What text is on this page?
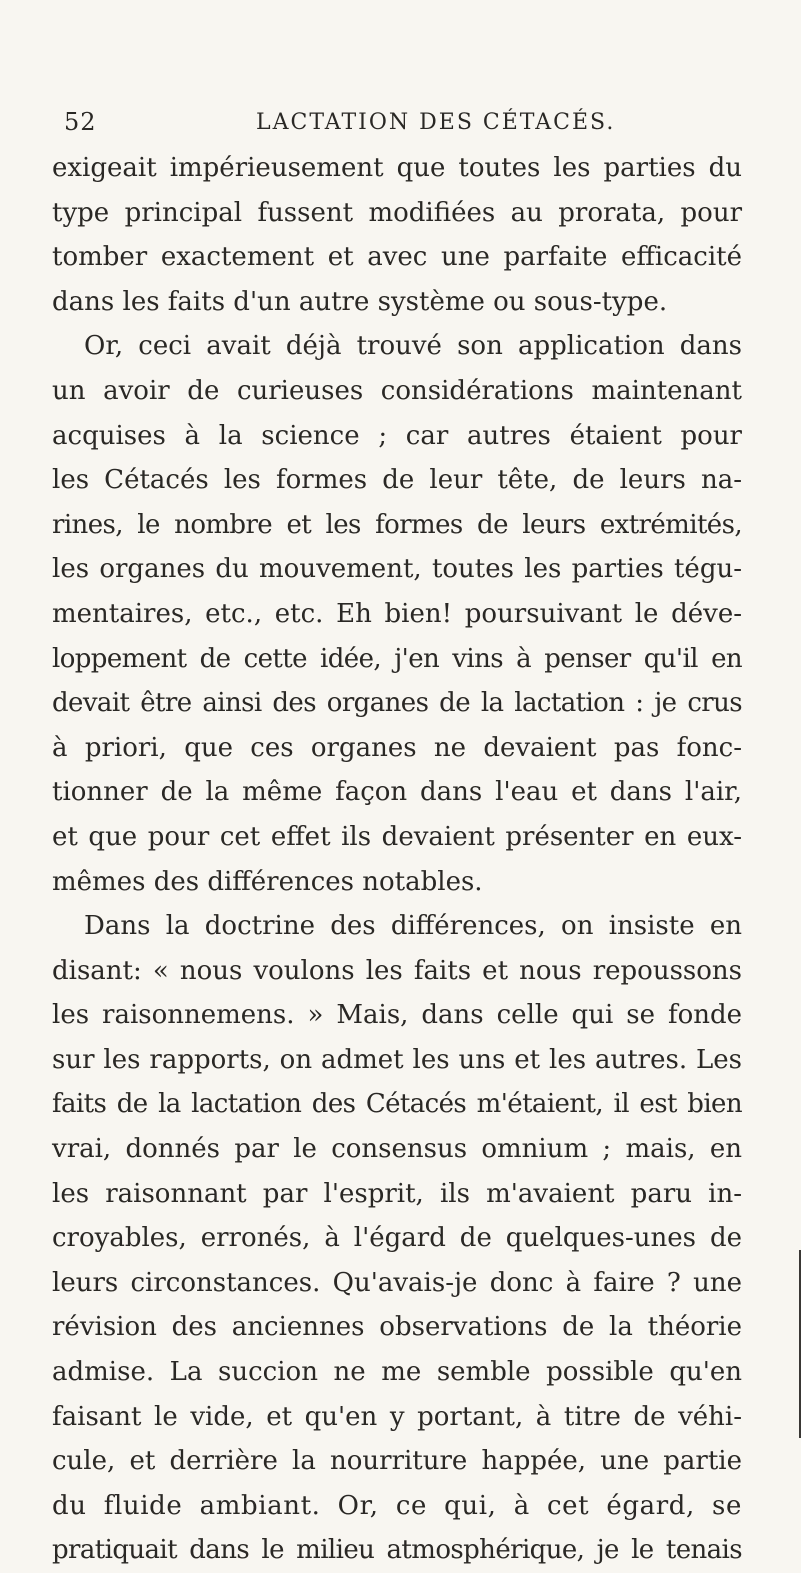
52	LACTATION DES CÉTACÉS.
exigeait impérieusement que toutes les parties du
type principal fussent modifiées au prorata, pour
tomber exactement et avec une parfaite efficacité
dans les faits d'un autre système ou sous-type.
Or, ceci avait déjà trouvé son application dans
un avoir de curieuses considérations maintenant
acquises à la science ; car autres étaient pour
les Cétacés les formes de leur tête, de leurs na-
rines, le nombre et les formes de leurs extrémités,
les organes du mouvement, toutes les parties tégu-
mentaires, etc., etc. Eh bien! poursuivant le déve-
loppement de cette idée, j'en vins à penser qu'il en
devait être ainsi des organes de la lactation : je crus
à priori, que ces organes ne devaient pas fonc-
tionner de la même façon dans l'eau et dans l'air,
et que pour cet effet ils devaient présenter en eux-
mêmes des différences notables.
Dans la doctrine des différences, on insiste en
disant: « nous voulons les faits et nous repoussons
les raisonnemens. » Mais, dans celle qui se fonde
sur les rapports, on admet les uns et les autres. Les
faits de la lactation des Cétacés m'étaient, il est bien
vrai, donnés par le consensus omnium ; mais, en
les raisonnant par l'esprit, ils m'avaient paru in-
croyables, erronés, à l'égard de quelques-unes de
leurs circonstances. Qu'avais-je donc à faire ? une
révision des anciennes observations de la théorie
admise. La succion ne me semble possible qu'en
faisant le vide, et qu'en y portant, à titre de véhi-
cule, et derrière la nourriture happée, une partie
du fluide ambiant. Or, ce qui, à cet égard, se
pratiquait dans le milieu atmosphérique, je le tenais
